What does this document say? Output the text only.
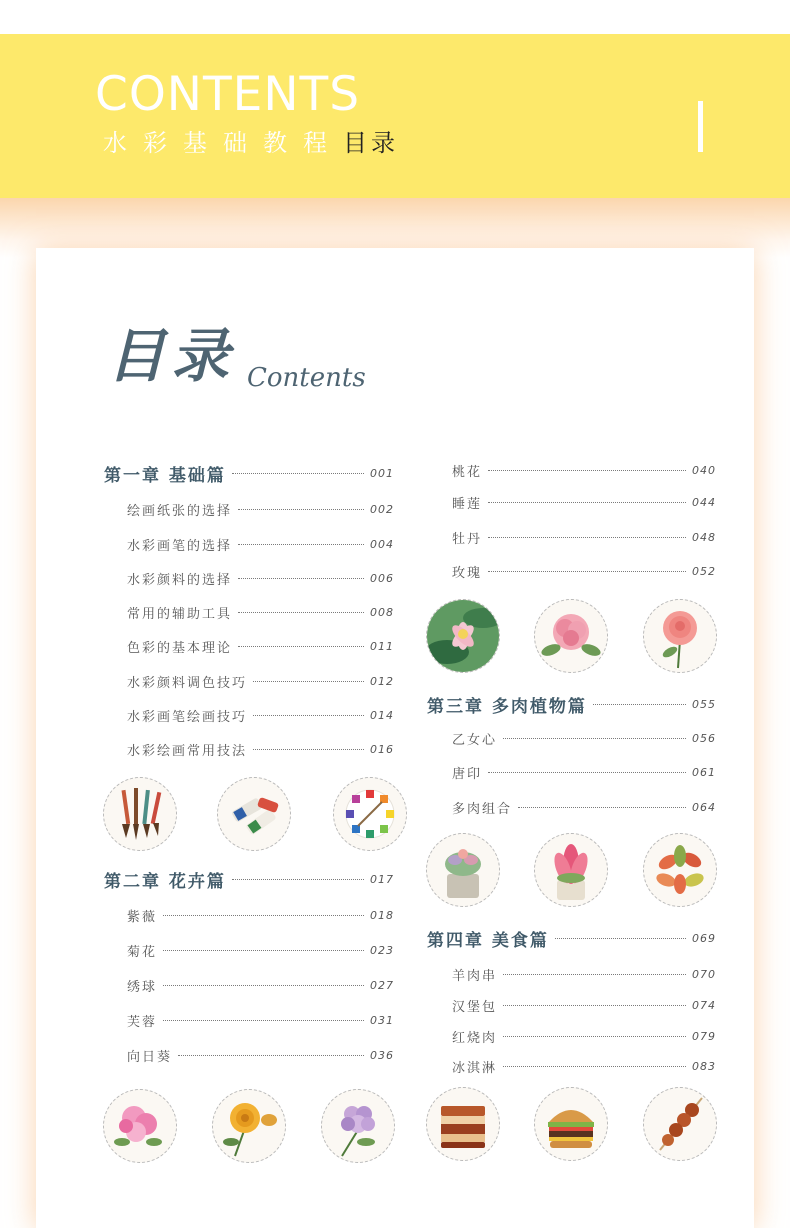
CONTENTS
水彩基础教程目录
目录 Contents
第一章 基础篇	001
绘画纸张的选择	002
水彩画笔的选择	004
水彩颜料的选择	006
常用的辅助工具	008
色彩的基本理论	011
水彩颜料调色技巧	012
水彩画笔绘画技巧	014
水彩绘画常用技法	016
第二章 花卉篇	017
紫薇	018
菊花	023
绣球	027
芙蓉	031
向日葵	036
桃花	040
睡莲	044
牡丹	048
玫瑰	052
第三章 多肉植物篇	055
乙女心	056
唐印	061
多肉组合	064
第四章 美食篇	069
羊肉串	070
汉堡包	074
红烧肉	079
冰淇淋	083
